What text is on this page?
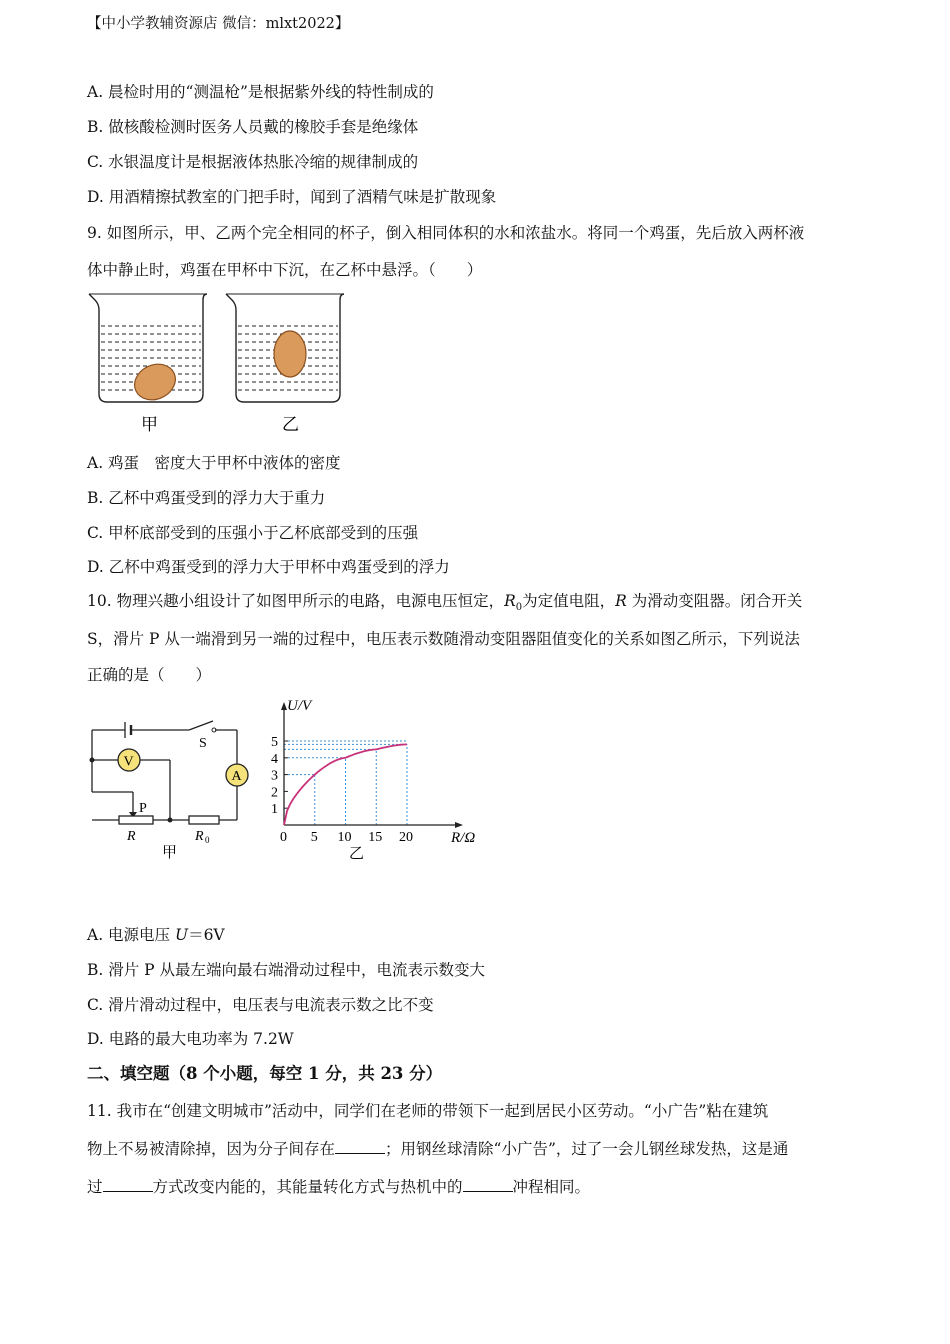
【中小学教辅资源店 微信：mlxt2022】
A. 晨检时用的“测温枪”是根据紫外线的特性制成的
B. 做核酸检测时医务人员戴的橡胶手套是绝缘体
C. 水银温度计是根据液体热胀冷缩的规律制成的
D. 用酒精擦拭教室的门把手时，闻到了酒精气味是扩散现象
9. 如图所示，甲、乙两个完全相同的杯子，倒入相同体积的水和浓盐水。将同一个鸡蛋，先后放入两杯液
体中静止时，鸡蛋在甲杯中下沉，在乙杯中悬浮。（　　）
甲	乙
A. 鸡蛋　密度大于甲杯中液体的密度
B. 乙杯中鸡蛋受到的浮力大于重力
C. 甲杯底部受到的压强小于乙杯底部受到的压强
D. 乙杯中鸡蛋受到的浮力大于甲杯中鸡蛋受到的浮力
10. 物理兴趣小组设计了如图甲所示的电路，电源电压恒定，$R_0$为定值电阻，R 为滑动变阻器。闭合开关
S，滑片 P 从一端滑到另一端的过程中，电压表示数随滑动变阻器阻值变化的关系如图乙所示，下列说法
正确的是（　　）
V
A
S
P
R	R 0
甲
0 5 10 15 20
1
2
3
4
5
U/V
R/Ω
乙
A. 电源电压 U＝6V
B. 滑片 P 从最左端向最右端滑动过程中，电流表示数变大
C. 滑片滑动过程中，电压表与电流表示数之比不变
D. 电路的最大电功率为 7.2W
二、填空题（8 个小题，每空 1 分，共 23 分）
11. 我市在“创建文明城市”活动中，同学们在老师的带领下一起到居民小区劳动。“小广告”粘在建筑
物上不易被清除掉，因为分子间存在	；用钢丝球清除“小广告”，过了一会儿钢丝球发热，这是通
过	方式改变内能的，其能量转化方式与热机中的	冲程相同。
